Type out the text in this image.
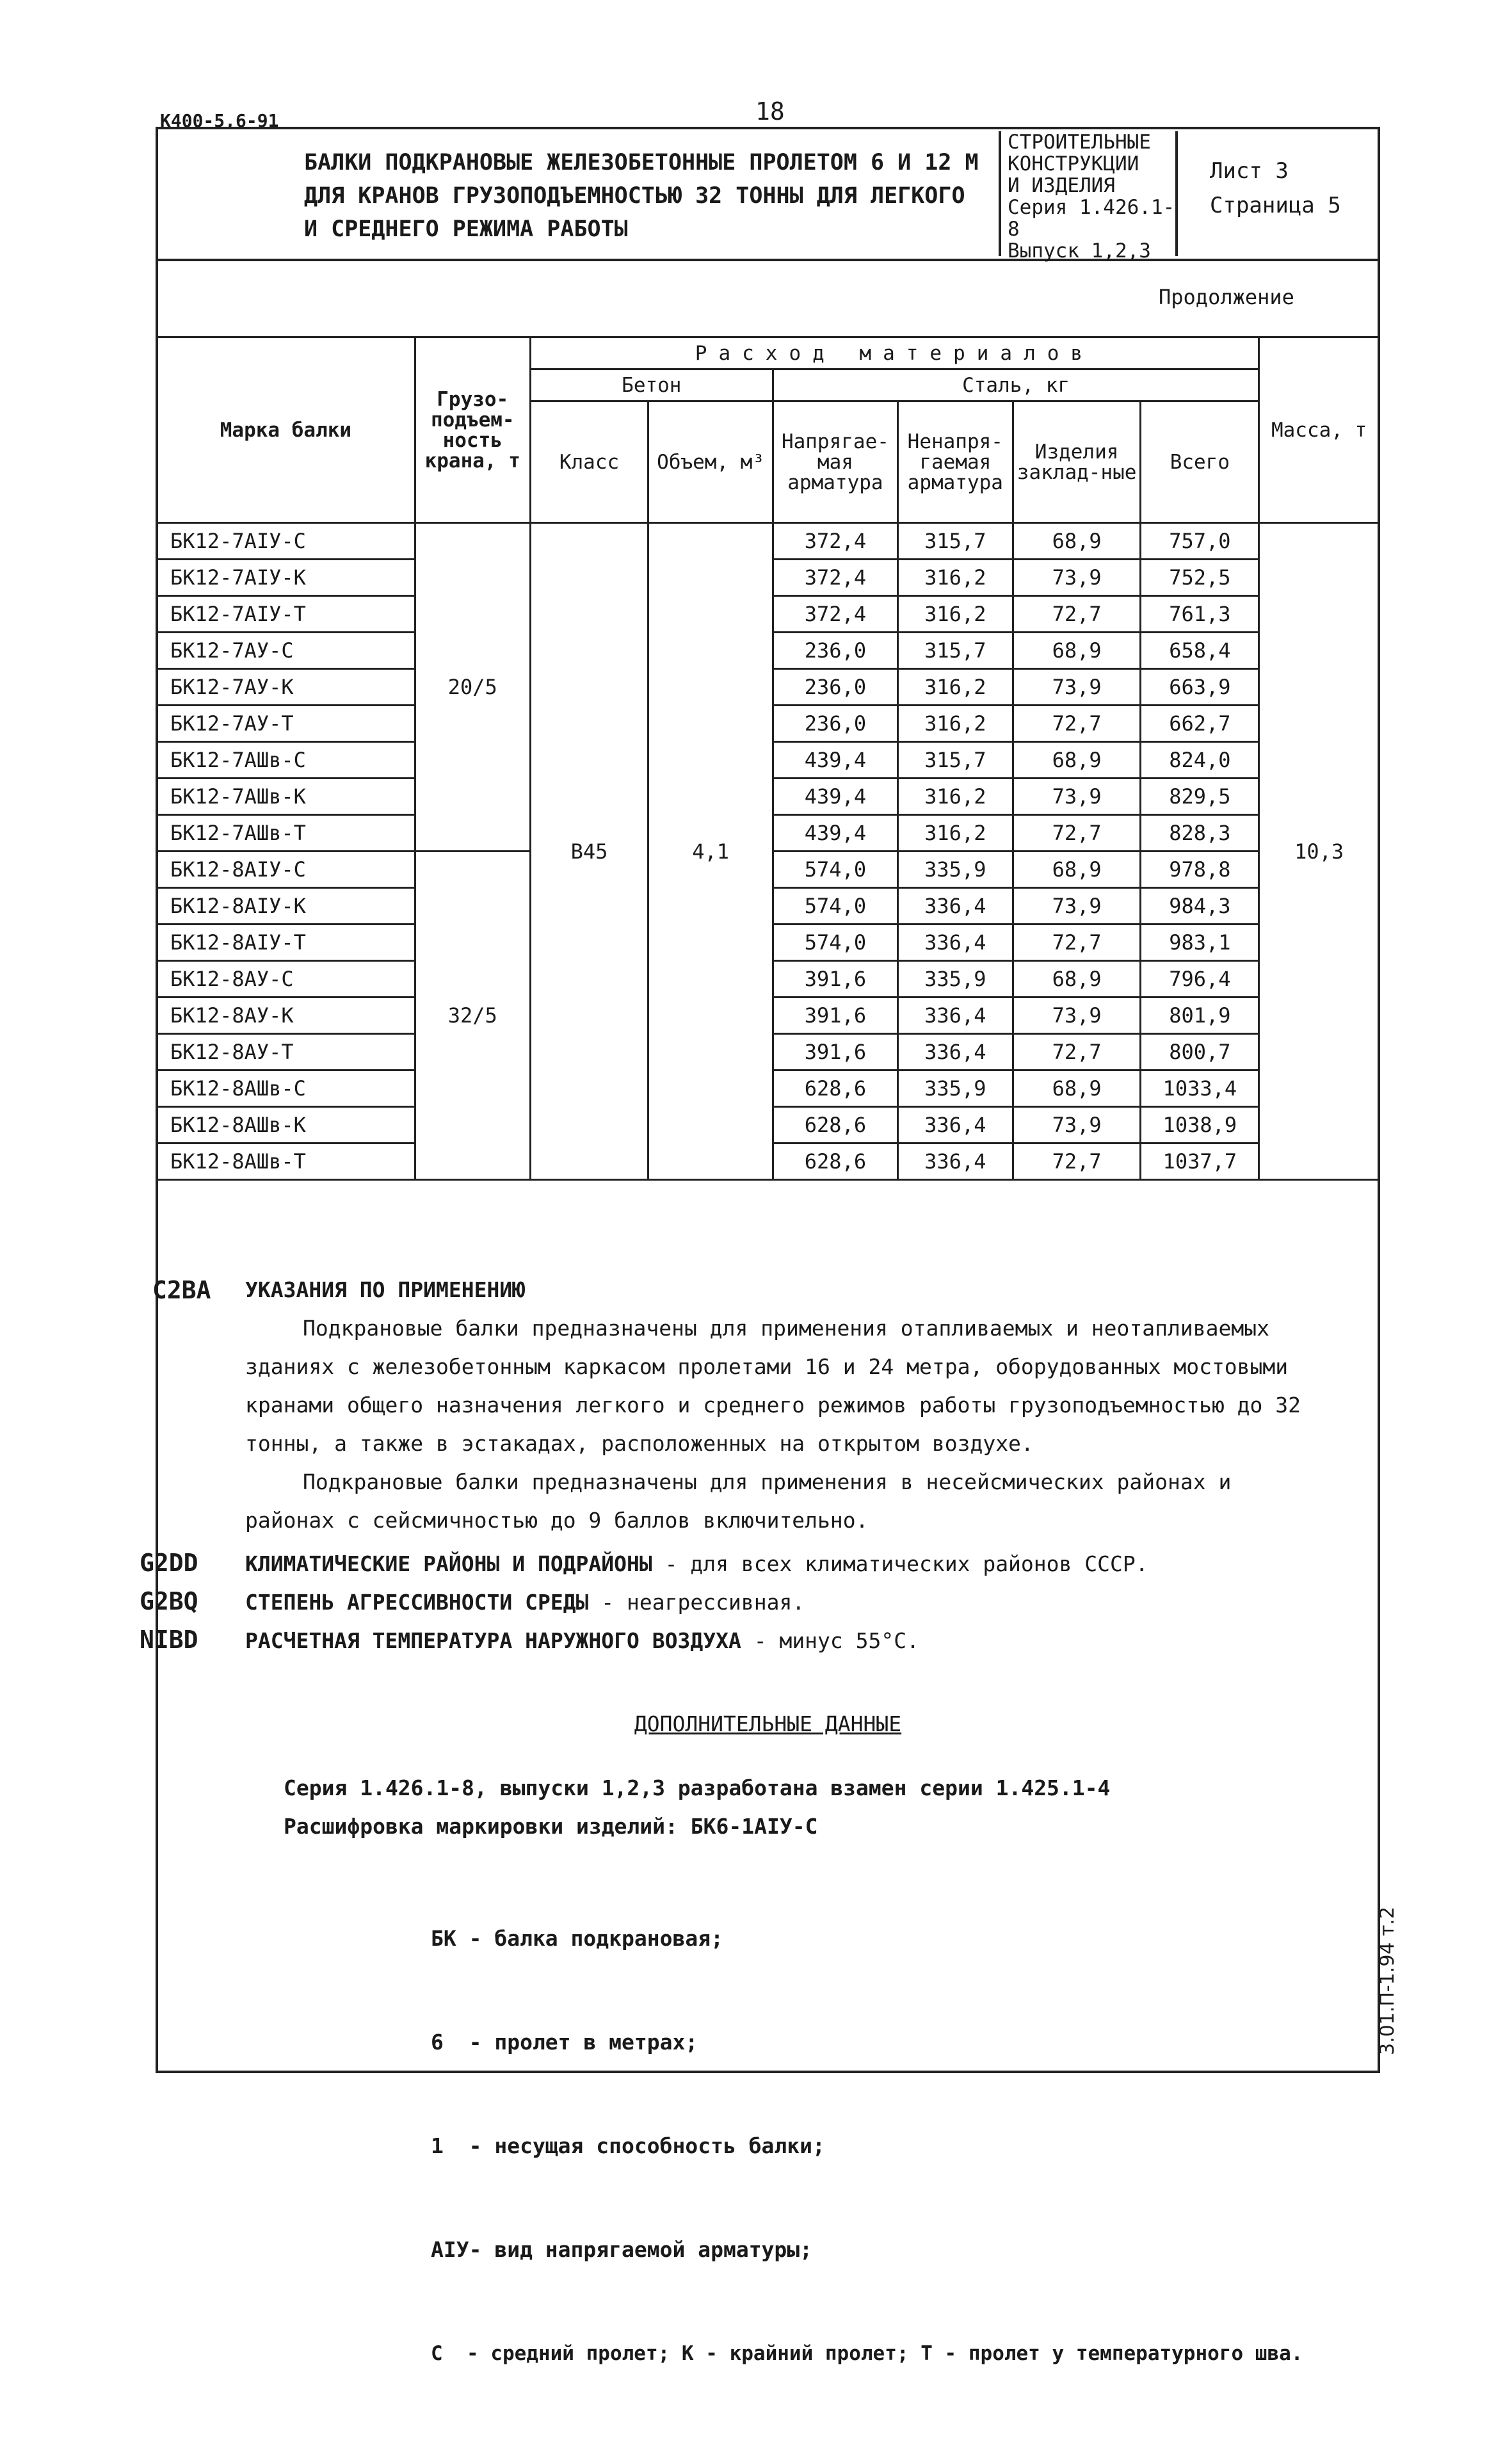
К400-5,6-91	18
БАЛКИ ПОДКРАНОВЫЕ ЖЕЛЕЗОБЕТОННЫЕ ПРОЛЕТОМ 6 И 12 М ДЛЯ КРАНОВ ГРУЗОПОДЪЕМНОСТЬЮ 32 ТОННЫ ДЛЯ ЛЕГКОГО И СРЕДНЕГО РЕЖИМА РАБОТЫ
СТРОИТЕЛЬНЫЕ
КОНСТРУКЦИИ
И ИЗДЕЛИЯ
Серия 1.426.1-8
Выпуск 1,2,3
Лист 3
Страница 5
Продолжение
Марка балки	Грузо-подъем-ность крана, т	Расход материалов						Масса, т
		Бетон		Сталь, кг				
		Класс	Объем, м³	Напрягае-мая арматура	Ненапря-гаемая арматура	Изделия заклад-ные	Всего	
БК12-7АIУ-С	20/5	В45	4,1	372,4	315,7	68,9	757,0	10,3
БК12-7АIУ-К				372,4	316,2	73,9	752,5	
БК12-7АIУ-Т				372,4	316,2	72,7	761,3	
БК12-7АУ-С				236,0	315,7	68,9	658,4	
БК12-7АУ-К				236,0	316,2	73,9	663,9	
БК12-7АУ-Т				236,0	316,2	72,7	662,7	
БК12-7АШв-С				439,4	315,7	68,9	824,0	
БК12-7АШв-К				439,4	316,2	73,9	829,5	
БК12-7АШв-Т				439,4	316,2	72,7	828,3	
БК12-8АIУ-С	32/5			574,0	335,9	68,9	978,8	
БК12-8АIУ-К				574,0	336,4	73,9	984,3	
БК12-8АIУ-Т				574,0	336,4	72,7	983,1	
БК12-8АУ-С				391,6	335,9	68,9	796,4	
БК12-8АУ-К				391,6	336,4	73,9	801,9	
БК12-8АУ-Т				391,6	336,4	72,7	800,7	
БК12-8АШв-С				628,6	335,9	68,9	1033,4	
БК12-8АШв-К				628,6	336,4	73,9	1038,9	
БК12-8АШв-Т				628,6	336,4	72,7	1037,7	
С2ВА УКАЗАНИЯ ПО ПРИМЕНЕНИЮ
Подкрановые балки предназначены для применения отапливаемых и неотапливаемых зданиях с железобетонным каркасом пролетами 16 и 24 метра, оборудованных мостовыми кранами общего назначения легкого и среднего режимов работы грузоподъемностью до 32 тонны, а также в эстакадах, расположенных на открытом воздухе.
Подкрановые балки предназначены для применения в несейсмических районах и районах с сейсмичностью до 9 баллов включительно.
G2DD КЛИМАТИЧЕСКИЕ РАЙОНЫ И ПОДРАЙОНЫ - для всех климатических районов СССР.
G2BQ СТЕПЕНЬ АГРЕССИВНОСТИ СРЕДЫ - неагрессивная.
NIBD РАСЧЕТНАЯ ТЕМПЕРАТУРА НАРУЖНОГО ВОЗДУХА - минус 55°С.
ДОПОЛНИТЕЛЬНЫЕ ДАННЫЕ
Серия 1.426.1-8, выпуски 1,2,3 разработана взамен серии 1.425.1-4
Расшифровка маркировки изделий: БК6-1АIУ-С

БК - балка подкрановая;

6  - пролет в метрах;

1  - несущая способность балки;

АIУ- вид напрягаемой арматуры;

С  - средний пролет; К - крайний пролет; Т - пролет у температурного шва.

3.01.П-1.94 т.2
